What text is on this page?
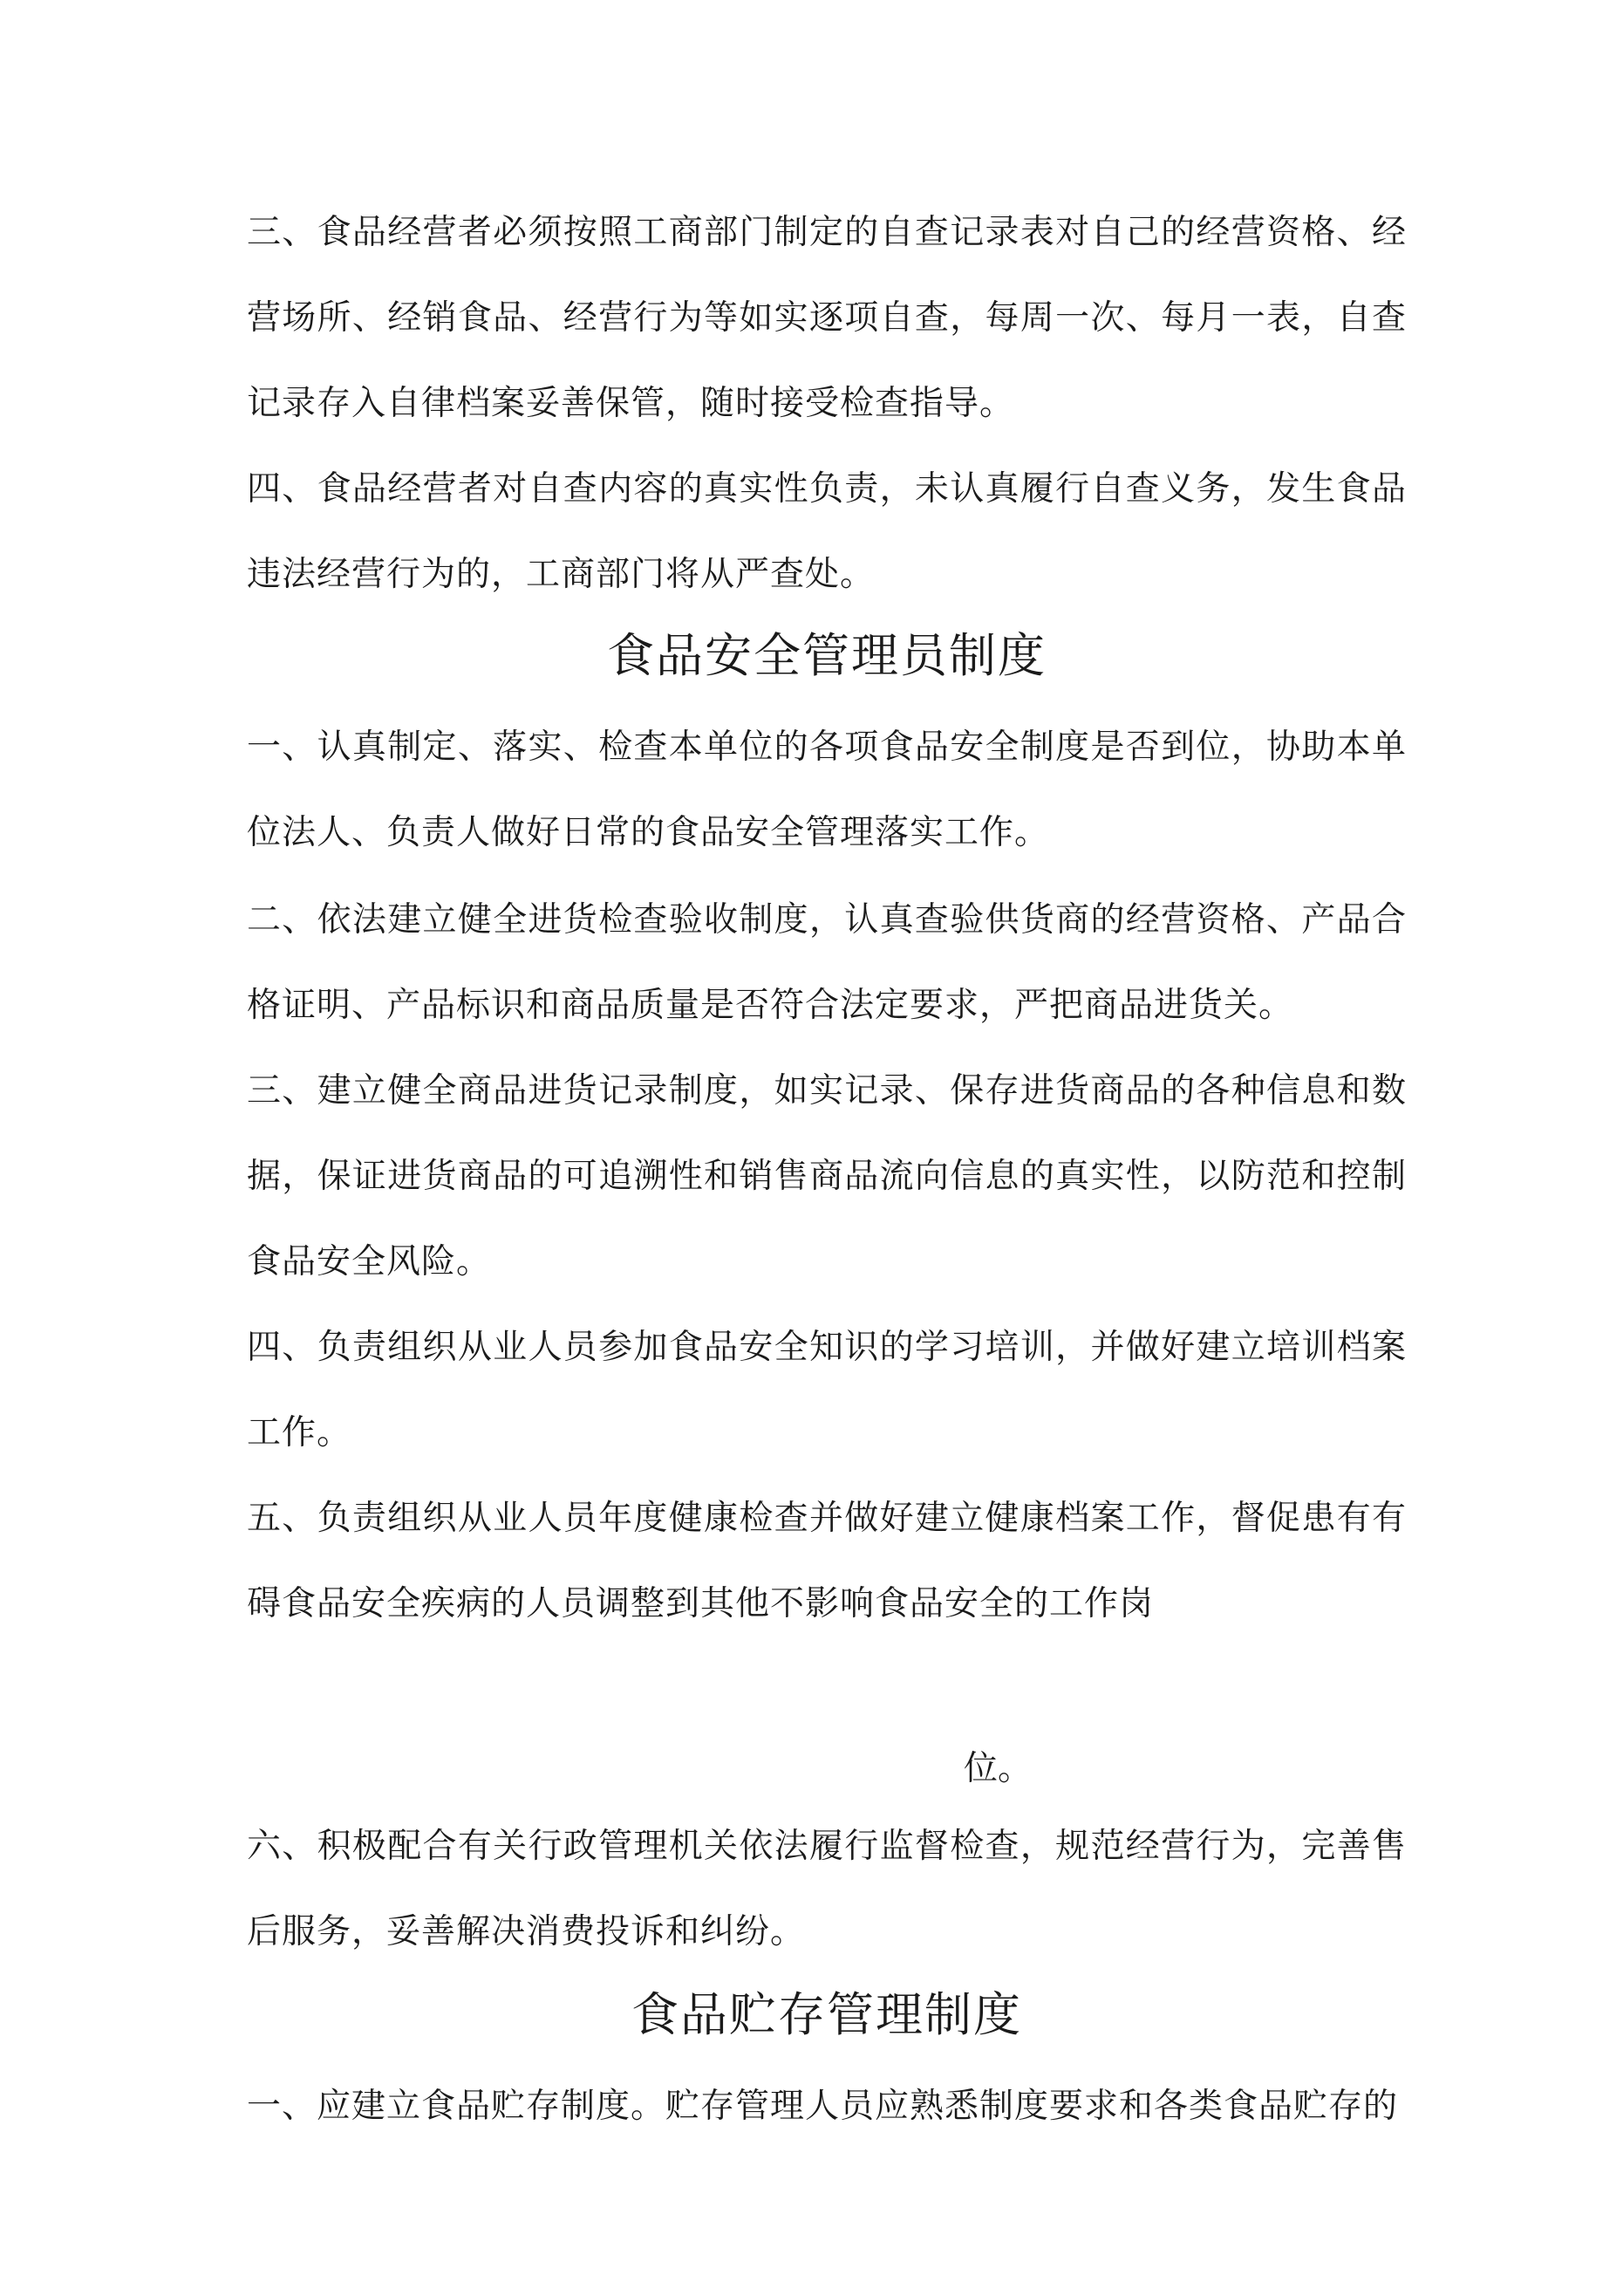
三、食品经营者必须按照工商部门制定的自查记录表对自己的经营资格、经营场所、经销食品、经营行为等如实逐项自查，每周一次、每月一表，自查记录存入自律档案妥善保管，随时接受检查指导。
四、食品经营者对自查内容的真实性负责，未认真履行自查义务，发生食品违法经营行为的，工商部门将从严查处。
食品安全管理员制度
一、认真制定、落实、检查本单位的各项食品安全制度是否到位，协助本单位法人、负责人做好日常的食品安全管理落实工作。
二、依法建立健全进货检查验收制度，认真查验供货商的经营资格、产品合格证明、产品标识和商品质量是否符合法定要求，严把商品进货关。
三、建立健全商品进货记录制度，如实记录、保存进货商品的各种信息和数据，保证进货商品的可追溯性和销售商品流向信息的真实性，以防范和控制食品安全风险。
四、负责组织从业人员参加食品安全知识的学习培训，并做好建立培训档案工作。
五、负责组织从业人员年度健康检查并做好建立健康档案工作，督促患有有碍食品安全疾病的人员调整到其他不影响食品安全的工作岗
位。
六、积极配合有关行政管理机关依法履行监督检查，规范经营行为，完善售后服务，妥善解决消费投诉和纠纷。
食品贮存管理制度
一、应建立食品贮存制度。贮存管理人员应熟悉制度要求和各类食品贮存的
